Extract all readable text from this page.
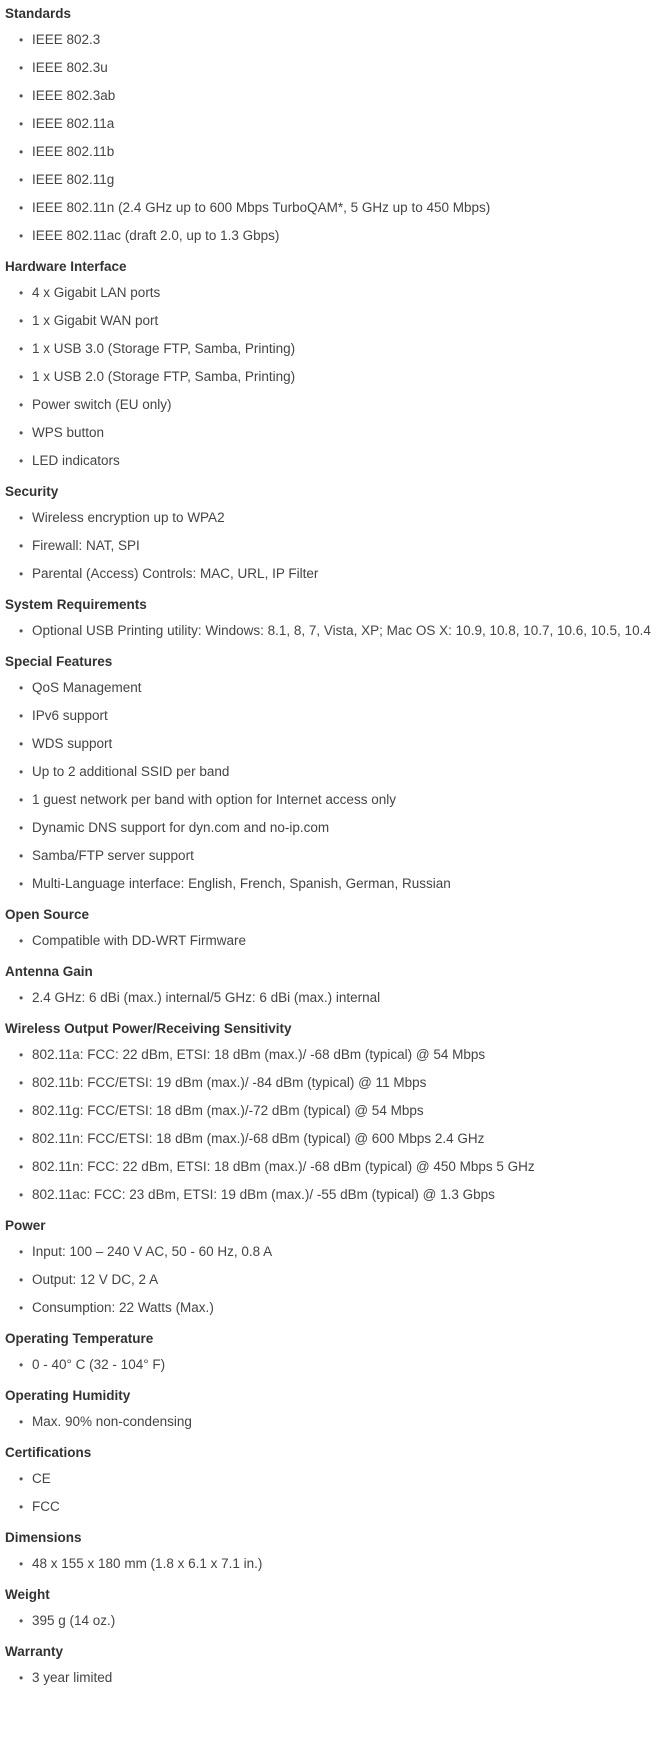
Standards
• IEEE 802.3
• IEEE 802.3u
• IEEE 802.3ab
• IEEE 802.11a
• IEEE 802.11b
• IEEE 802.11g
• IEEE 802.11n (2.4 GHz up to 600 Mbps TurboQAM*, 5 GHz up to 450 Mbps)
• IEEE 802.11ac (draft 2.0, up to 1.3 Gbps)
Hardware Interface
• 4 x Gigabit LAN ports
• 1 x Gigabit WAN port
• 1 x USB 3.0 (Storage FTP, Samba, Printing)
• 1 x USB 2.0 (Storage FTP, Samba, Printing)
• Power switch (EU only)
• WPS button
• LED indicators
Security
• Wireless encryption up to WPA2
• Firewall: NAT, SPI
• Parental (Access) Controls: MAC, URL, IP Filter
System Requirements
• Optional USB Printing utility: Windows: 8.1, 8, 7, Vista, XP; Mac OS X: 10.9, 10.8, 10.7, 10.6, 10.5, 10.4
Special Features
• QoS Management
• IPv6 support
• WDS support
• Up to 2 additional SSID per band
• 1 guest network per band with option for Internet access only
• Dynamic DNS support for dyn.com and no-ip.com
• Samba/FTP server support
• Multi-Language interface: English, French, Spanish, German, Russian
Open Source
• Compatible with DD-WRT Firmware
Antenna Gain
• 2.4 GHz: 6 dBi (max.) internal/5 GHz: 6 dBi (max.) internal
Wireless Output Power/Receiving Sensitivity
• 802.11a: FCC: 22 dBm, ETSI: 18 dBm (max.)/ -68 dBm (typical) @ 54 Mbps
• 802.11b: FCC/ETSI: 19 dBm (max.)/ -84 dBm (typical) @ 11 Mbps
• 802.11g: FCC/ETSI: 18 dBm (max.)/-72 dBm (typical) @ 54 Mbps
• 802.11n: FCC/ETSI: 18 dBm (max.)/-68 dBm (typical) @ 600 Mbps 2.4 GHz
• 802.11n: FCC: 22 dBm, ETSI: 18 dBm (max.)/ -68 dBm (typical) @ 450 Mbps 5 GHz
• 802.11ac: FCC: 23 dBm, ETSI: 19 dBm (max.)/ -55 dBm (typical) @ 1.3 Gbps
Power
• Input: 100 – 240 V AC, 50 - 60 Hz, 0.8 A
• Output: 12 V DC, 2 A
• Consumption: 22 Watts (Max.)
Operating Temperature
• 0 - 40° C (32 - 104° F)
Operating Humidity
• Max. 90% non-condensing
Certifications
• CE
• FCC
Dimensions
• 48 x 155 x 180 mm (1.8 x 6.1 x 7.1 in.)
Weight
• 395 g (14 oz.)
Warranty
• 3 year limited
